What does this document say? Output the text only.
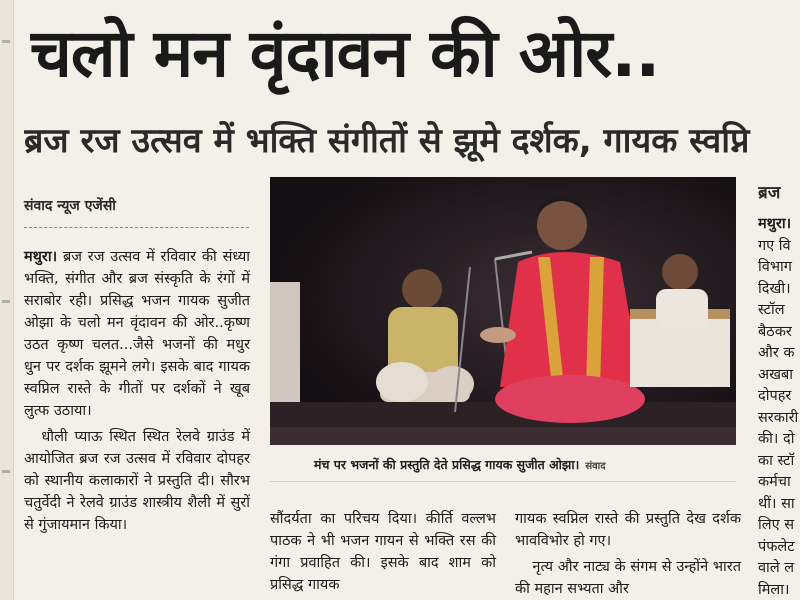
चलो मन वृंदावन की ओर..
ब्रज रज उत्सव में भक्ति संगीतों से झूमे दर्शक, गायक स्वप्नि
संवाद न्यूज एजेंसी

मथुरा। ब्रज रज उत्सव में रविवार की संध्या भक्ति, संगीत और ब्रज संस्कृति के रंगों में सराबोर रही। प्रसिद्ध भजन गायक सुजीत ओझा के चलो मन वृंदावन की ओर..कृष्ण उठत कृष्ण चलत...जैसे भजनों की मधुर धुन पर दर्शक झूमने लगे। इसके बाद गायक स्वप्निल रास्ते के गीतों पर दर्शकों ने खूब लुत्फ उठाया।

धौली प्याऊ स्थित स्थित रेलवे ग्राउंड में आयोजित ब्रज रज उत्सव में रविवार दोपहर को स्थानीय कलाकारों ने प्रस्तुति दी। सौरभ चतुर्वेदी ने रेलवे ग्राउंड शास्त्रीय शैली में सुरों से गुंजायमान किया।

मंच पर भजनों की प्रस्तुति देते प्रसिद्ध गायक सुजीत ओझा। संवाद

सौंदर्यता का परिचय दिया। कीर्ति वल्लभ पाठक ने भी भजन गायन से भक्ति रस की गंगा प्रवाहित की। इसके बाद शाम को प्रसिद्ध गायक

गायक स्वप्निल रास्ते की प्रस्तुति देख दर्शक भावविभोर हो गए।

नृत्य और नाट्य के संगम से उन्होंने भारत की महान सभ्यता और

ब्रज
मथुरा।
गए वि
विभाग
दिखी।
स्टॉल
बैठकर
और क
अखबा
दोपहर
सरकारी
की। दो
का स्टॉ
कर्मचा
थीं। सा
लिए स
पंफलेट
वाले ल
मिला।
